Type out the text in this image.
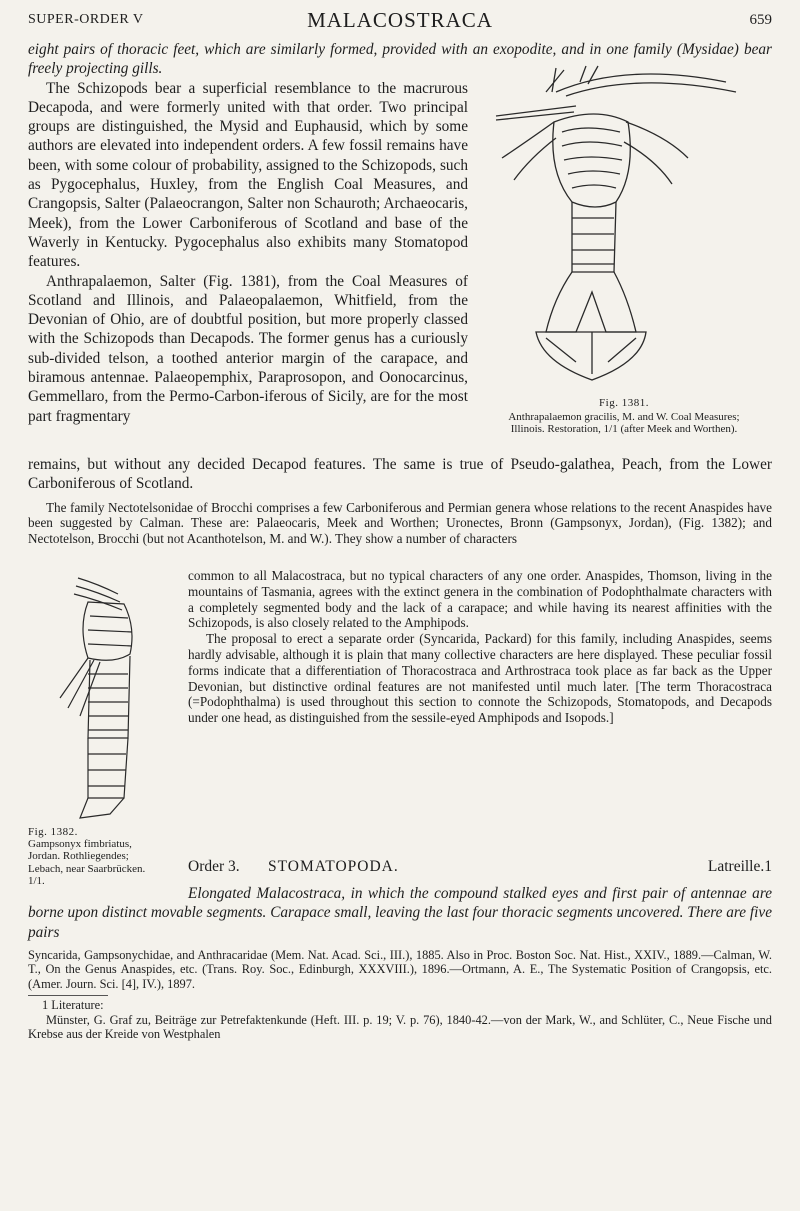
SUPER-ORDER V	MALACOSTRACA	659

eight pairs of thoracic feet, which are similarly formed, provided with an exopodite, and in one family (Mysidae) bear freely projecting gills.

The Schizopods bear a superficial resemblance to the macrurous Decapoda, and were formerly united with that order. Two principal groups are distinguished, the Mysid and Euphausid, which by some authors are elevated into independent orders. A few fossil remains have been, with some colour of probability, assigned to the Schizopods, such as Pygocephalus, Huxley, from the English Coal Measures, and Crangopsis, Salter (Palaeocrangon, Salter non Schauroth; Archaeocaris, Meek), from the Lower Carboniferous of Scotland and base of the Waverly in Kentucky. Pygocephalus also exhibits many Stomatopod features.

Anthrapalaemon, Salter (Fig. 1381), from the Coal Measures of Scotland and Illinois, and Palaeopalaemon, Whitfield, from the Devonian of Ohio, are of doubtful position, but more properly classed with the Schizopods than Decapods. The former genus has a curiously sub-divided telson, a toothed anterior margin of the carapace, and biramous antennae. Palaeopemphix, Paraprosopon, and Oonocarcinus, Gemmellaro, from the Permo-Carbon-iferous of Sicily, are for the most part fragmentary

Fig. 1381.
Anthrapalaemon gracilis, M. and W. Coal Measures; Illinois. Restoration, 1/1 (after Meek and Worthen).

remains, but without any decided Decapod features. The same is true of Pseudo-galathea, Peach, from the Lower Carboniferous of Scotland.

The family Nectotelsonidae of Brocchi comprises a few Carboniferous and Permian genera whose relations to the recent Anaspides have been suggested by Calman. These are: Palaeocaris, Meek and Worthen; Uronectes, Bronn (Gampsonyx, Jordan), (Fig. 1382); and Nectotelson, Brocchi (but not Acanthotelson, M. and W.). They show a number of characters

Fig. 1382.
Gampsonyx fimbriatus, Jordan. Rothliegendes; Lebach, near Saarbrücken. 1/1.

common to all Malacostraca, but no typical characters of any one order. Anaspides, Thomson, living in the mountains of Tasmania, agrees with the extinct genera in the combination of Podophthalmate characters with a completely segmented body and the lack of a carapace; and while having its nearest affinities with the Schizopods, is also closely related to the Amphipods.

The proposal to erect a separate order (Syncarida, Packard) for this family, including Anaspides, seems hardly advisable, although it is plain that many collective characters are here displayed. These peculiar fossil forms indicate that a differentiation of Thoracostraca and Arthrostraca took place as far back as the Upper Devonian, but distinctive ordinal features are not manifested until much later. [The term Thoracostraca (=Podophthalma) is used throughout this section to connote the Schizopods, Stomatopods, and Decapods under one head, as distinguished from the sessile-eyed Amphipods and Isopods.]

Order 3. STOMATOPODA.	Latreille.1

Elongated Malacostraca, in which the compound stalked eyes and first pair of antennae are borne upon distinct movable segments. Carapace small, leaving the last four thoracic segments uncovered. There are five pairs

Syncarida, Gampsonychidae, and Anthracaridae (Mem. Nat. Acad. Sci., III.), 1885. Also in Proc. Boston Soc. Nat. Hist., XXIV., 1889.—Calman, W. T., On the Genus Anaspides, etc. (Trans. Roy. Soc., Edinburgh, XXXVIII.), 1896.—Ortmann, A. E., The Systematic Position of Crangopsis, etc. (Amer. Journ. Sci. [4], IV.), 1897.

1 Literature:

Münster, G. Graf zu, Beiträge zur Petrefaktenkunde (Heft. III. p. 19; V. p. 76), 1840-42.—von der Mark, W., and Schlüter, C., Neue Fische und Krebse aus der Kreide von Westphalen
